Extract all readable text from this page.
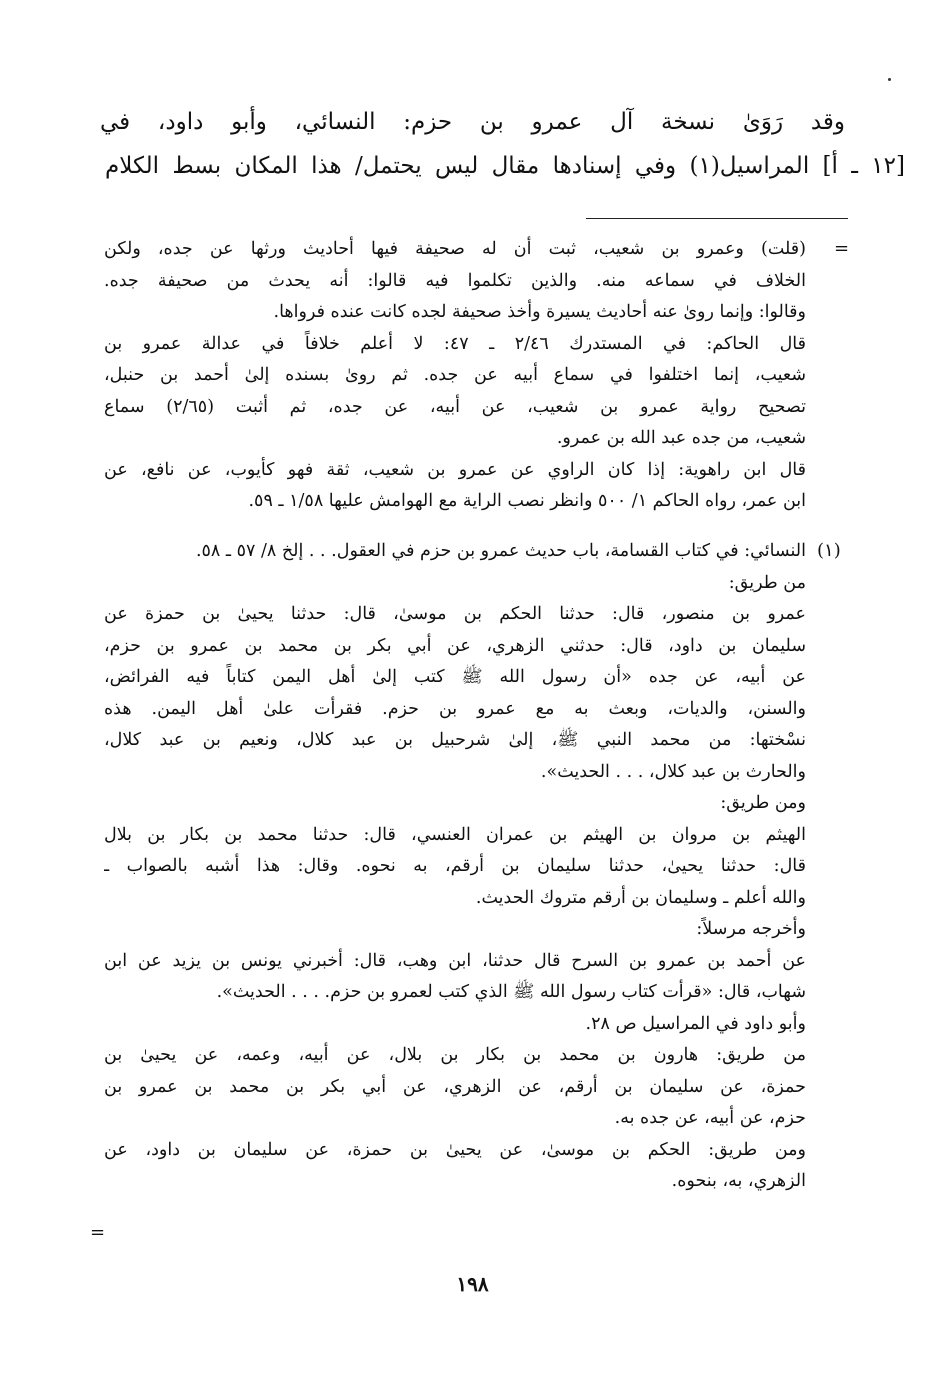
وقد رَوَىٰ نسخة آل عمرو بن حزم: النسائي، وأبو داود، في
[١٢ ـ أ] المراسيل(١) وفي إسنادها مقال ليس يحتمل/ هذا المكان بسط الكلام
=
(١)
=
(قلت) وعمرو بن شعيب، ثبت أن له صحيفة فيها أحاديث ورثها عن جده، ولكن
الخلاف في سماعه منه. والذين تكلموا فيه قالوا: أنه يحدث من صحيفة جده.
وقالوا: وإنما روىٰ عنه أحاديث يسيرة وأخذ صحيفة لجده كانت عنده فرواها.
قال الحاكم: في المستدرك ٢/٤٦ ـ ٤٧: لا أعلم خلافاً في عدالة عمرو بن
شعيب، إنما اختلفوا في سماع أبيه عن جده. ثم روىٰ بسنده إلىٰ أحمد بن حنبل،
تصحيح رواية عمرو بن شعيب، عن أبيه، عن جده، ثم أثبت (٢/٦٥) سماع
شعيب، من جده عبد الله بن عمرو.
قال ابن راهوية: إذا كان الراوي عن عمرو بن شعيب، ثقة فهو كأيوب، عن نافع، عن
ابن عمر، رواه الحاكم ١/ ٥٠٠ وانظر نصب الراية مع الهوامش عليها ١/٥٨ ـ ٥٩.
النسائي: في كتاب القسامة، باب حديث عمرو بن حزم في العقول. . . إلخ ٨/ ٥٧ ـ ٥٨.
من طريق:
عمرو بن منصور، قال: حدثنا الحكم بن موسىٰ، قال: حدثنا يحيىٰ بن حمزة عن
سليمان بن داود، قال: حدثني الزهري، عن أبي بكر بن محمد بن عمرو بن حزم،
عن أبيه، عن جده «أن رسول الله ﷺ كتب إلىٰ أهل اليمن كتاباً فيه الفرائض،
والسنن، والديات، وبعث به مع عمرو بن حزم. فقرأت علىٰ أهل اليمن. هذه
نسْختها: من محمد النبي ﷺ، إلىٰ شرحبيل بن عبد كلال، ونعيم بن عبد كلال،
والحارث بن عبد كلال، . . . الحديث».
ومن طريق:
الهيثم بن مروان بن الهيثم بن عمران العنسي، قال: حدثنا محمد بن بكار بن بلال
قال: حدثنا يحيىٰ، حدثنا سليمان بن أرقم، به نحوه. وقال: هذا أشبه بالصواب ـ
والله أعلم ـ وسليمان بن أرقم متروك الحديث.
وأخرجه مرسلاً:
عن أحمد بن عمرو بن السرح قال حدثنا، ابن وهب، قال: أخبرني يونس بن يزيد عن ابن
شهاب، قال: «قرأت كتاب رسول الله ﷺ الذي كتب لعمرو بن حزم. . . . الحديث».
وأبو داود في المراسيل ص ٢٨.
من طريق: هارون بن محمد بن بكار بن بلال، عن أبيه، وعمه، عن يحيىٰ بن
حمزة، عن سليمان بن أرقم، عن الزهري، عن أبي بكر بن محمد بن عمرو بن
حزم، عن أبيه، عن جده به.
ومن طريق: الحكم بن موسىٰ، عن يحيىٰ بن حمزة، عن سليمان بن داود، عن
الزهري، به، بنحوه.
١٩٨
